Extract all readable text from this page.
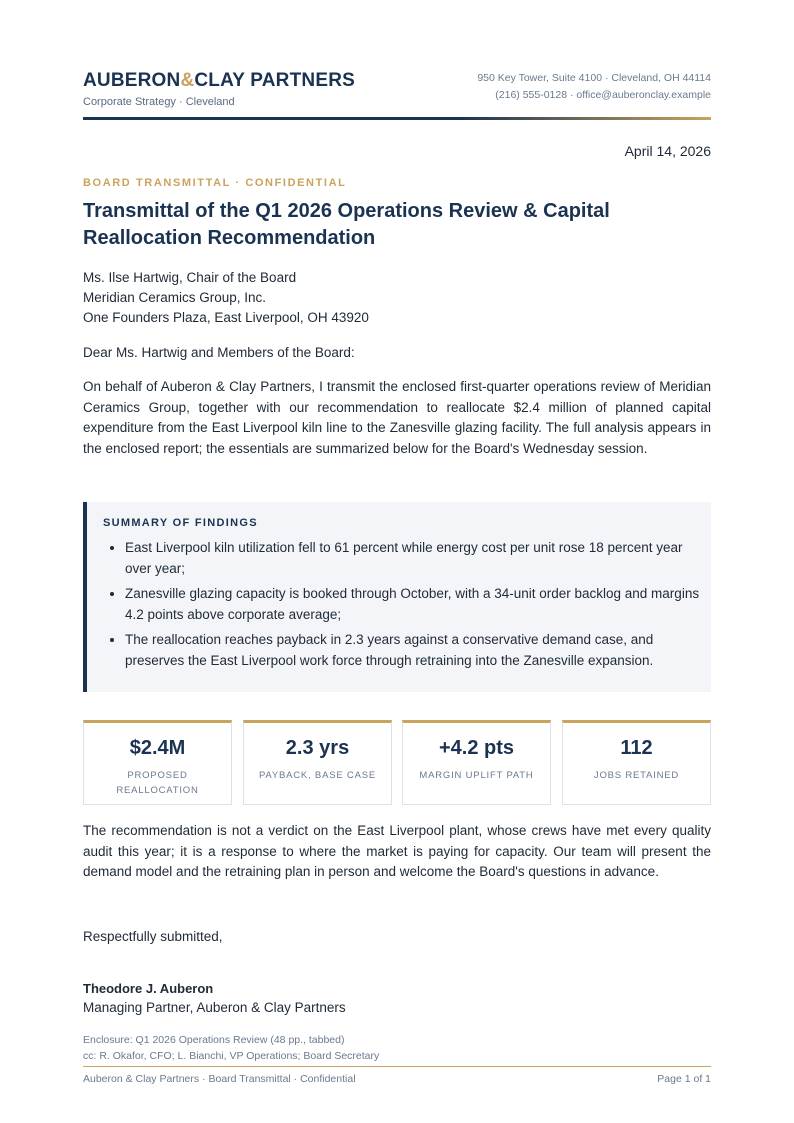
AUBERON&CLAY PARTNERS
Corporate Strategy · Cleveland
950 Key Tower, Suite 4100 · Cleveland, OH 44114
(216) 555-0128 · office@auberonclay.example
April 14, 2026
BOARD TRANSMITTAL · CONFIDENTIAL
Transmittal of the Q1 2026 Operations Review & Capital Reallocation Recommendation
Ms. Ilse Hartwig, Chair of the Board
Meridian Ceramics Group, Inc.
One Founders Plaza, East Liverpool, OH 43920
Dear Ms. Hartwig and Members of the Board:
On behalf of Auberon & Clay Partners, I transmit the enclosed first-quarter operations review of Meridian Ceramics Group, together with our recommendation to reallocate $2.4 million of planned capital expenditure from the East Liverpool kiln line to the Zanesville glazing facility. The full analysis appears in the enclosed report; the essentials are summarized below for the Board's Wednesday session.
SUMMARY OF FINDINGS
• East Liverpool kiln utilization fell to 61 percent while energy cost per unit rose 18 percent year over year;
• Zanesville glazing capacity is booked through October, with a 34-unit order backlog and margins 4.2 points above corporate average;
• The reallocation reaches payback in 2.3 years against a conservative demand case, and preserves the East Liverpool work force through retraining into the Zanesville expansion.
$2.4M
PROPOSED REALLOCATION
2.3 yrs
PAYBACK, BASE CASE
+4.2 pts
MARGIN UPLIFT PATH
112
JOBS RETAINED
The recommendation is not a verdict on the East Liverpool plant, whose crews have met every quality audit this year; it is a response to where the market is paying for capacity. Our team will present the demand model and the retraining plan in person and welcome the Board's questions in advance.
Respectfully submitted,
Theodore J. Auberon
Managing Partner, Auberon & Clay Partners
Enclosure: Q1 2026 Operations Review (48 pp., tabbed)
cc: R. Okafor, CFO; L. Bianchi, VP Operations; Board Secretary
Auberon & Clay Partners · Board Transmittal · Confidential	Page 1 of 1
